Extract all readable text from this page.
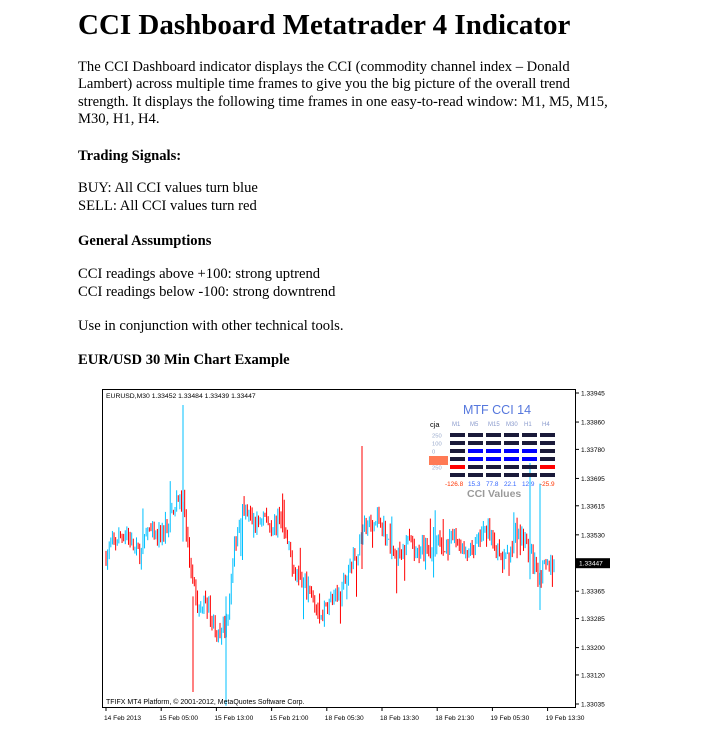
CCI Dashboard Metatrader 4 Indicator

The CCI Dashboard indicator displays the CCI (commodity channel index – Donald Lambert) across multiple time frames to give you the big picture of the overall trend strength. It displays the following time frames in one easy-to-read window: M1, M5, M15, M30, H1, H4.

Trading Signals:

BUY: All CCI values turn blue

SELL: All CCI values turn red

General Assumptions

CCI readings above +100: strong uptrend

CCI readings below -100: strong downtrend

Use in conjunction with other technical tools.

EUR/USD 30 Min Chart Example

1.33945
1.33860
1.33780
1.33695
1.33615
1.33530
1.33447
1.33365
1.33285
1.33200
1.33120
1.33035
14 Feb 2013	15 Feb 05:00 15 Feb 13:00 15 Feb 21:00 18 Feb 05:30 18 Feb 13:30 18 Feb 21:30 19 Feb 05:30 19 Feb 13:30
EURUSD,M30 1.33452 1.33484 1.33439 1.33447
TFIFX MT4 Platform, © 2001-2012, MetaQuotes Software Corp.
MTF CCI 14
cja M1 M5 M15 M30 H1 H4
250
100
0
250
-126.8 15.3 77.8 22.1 12.9 -25.9
CCI Values
